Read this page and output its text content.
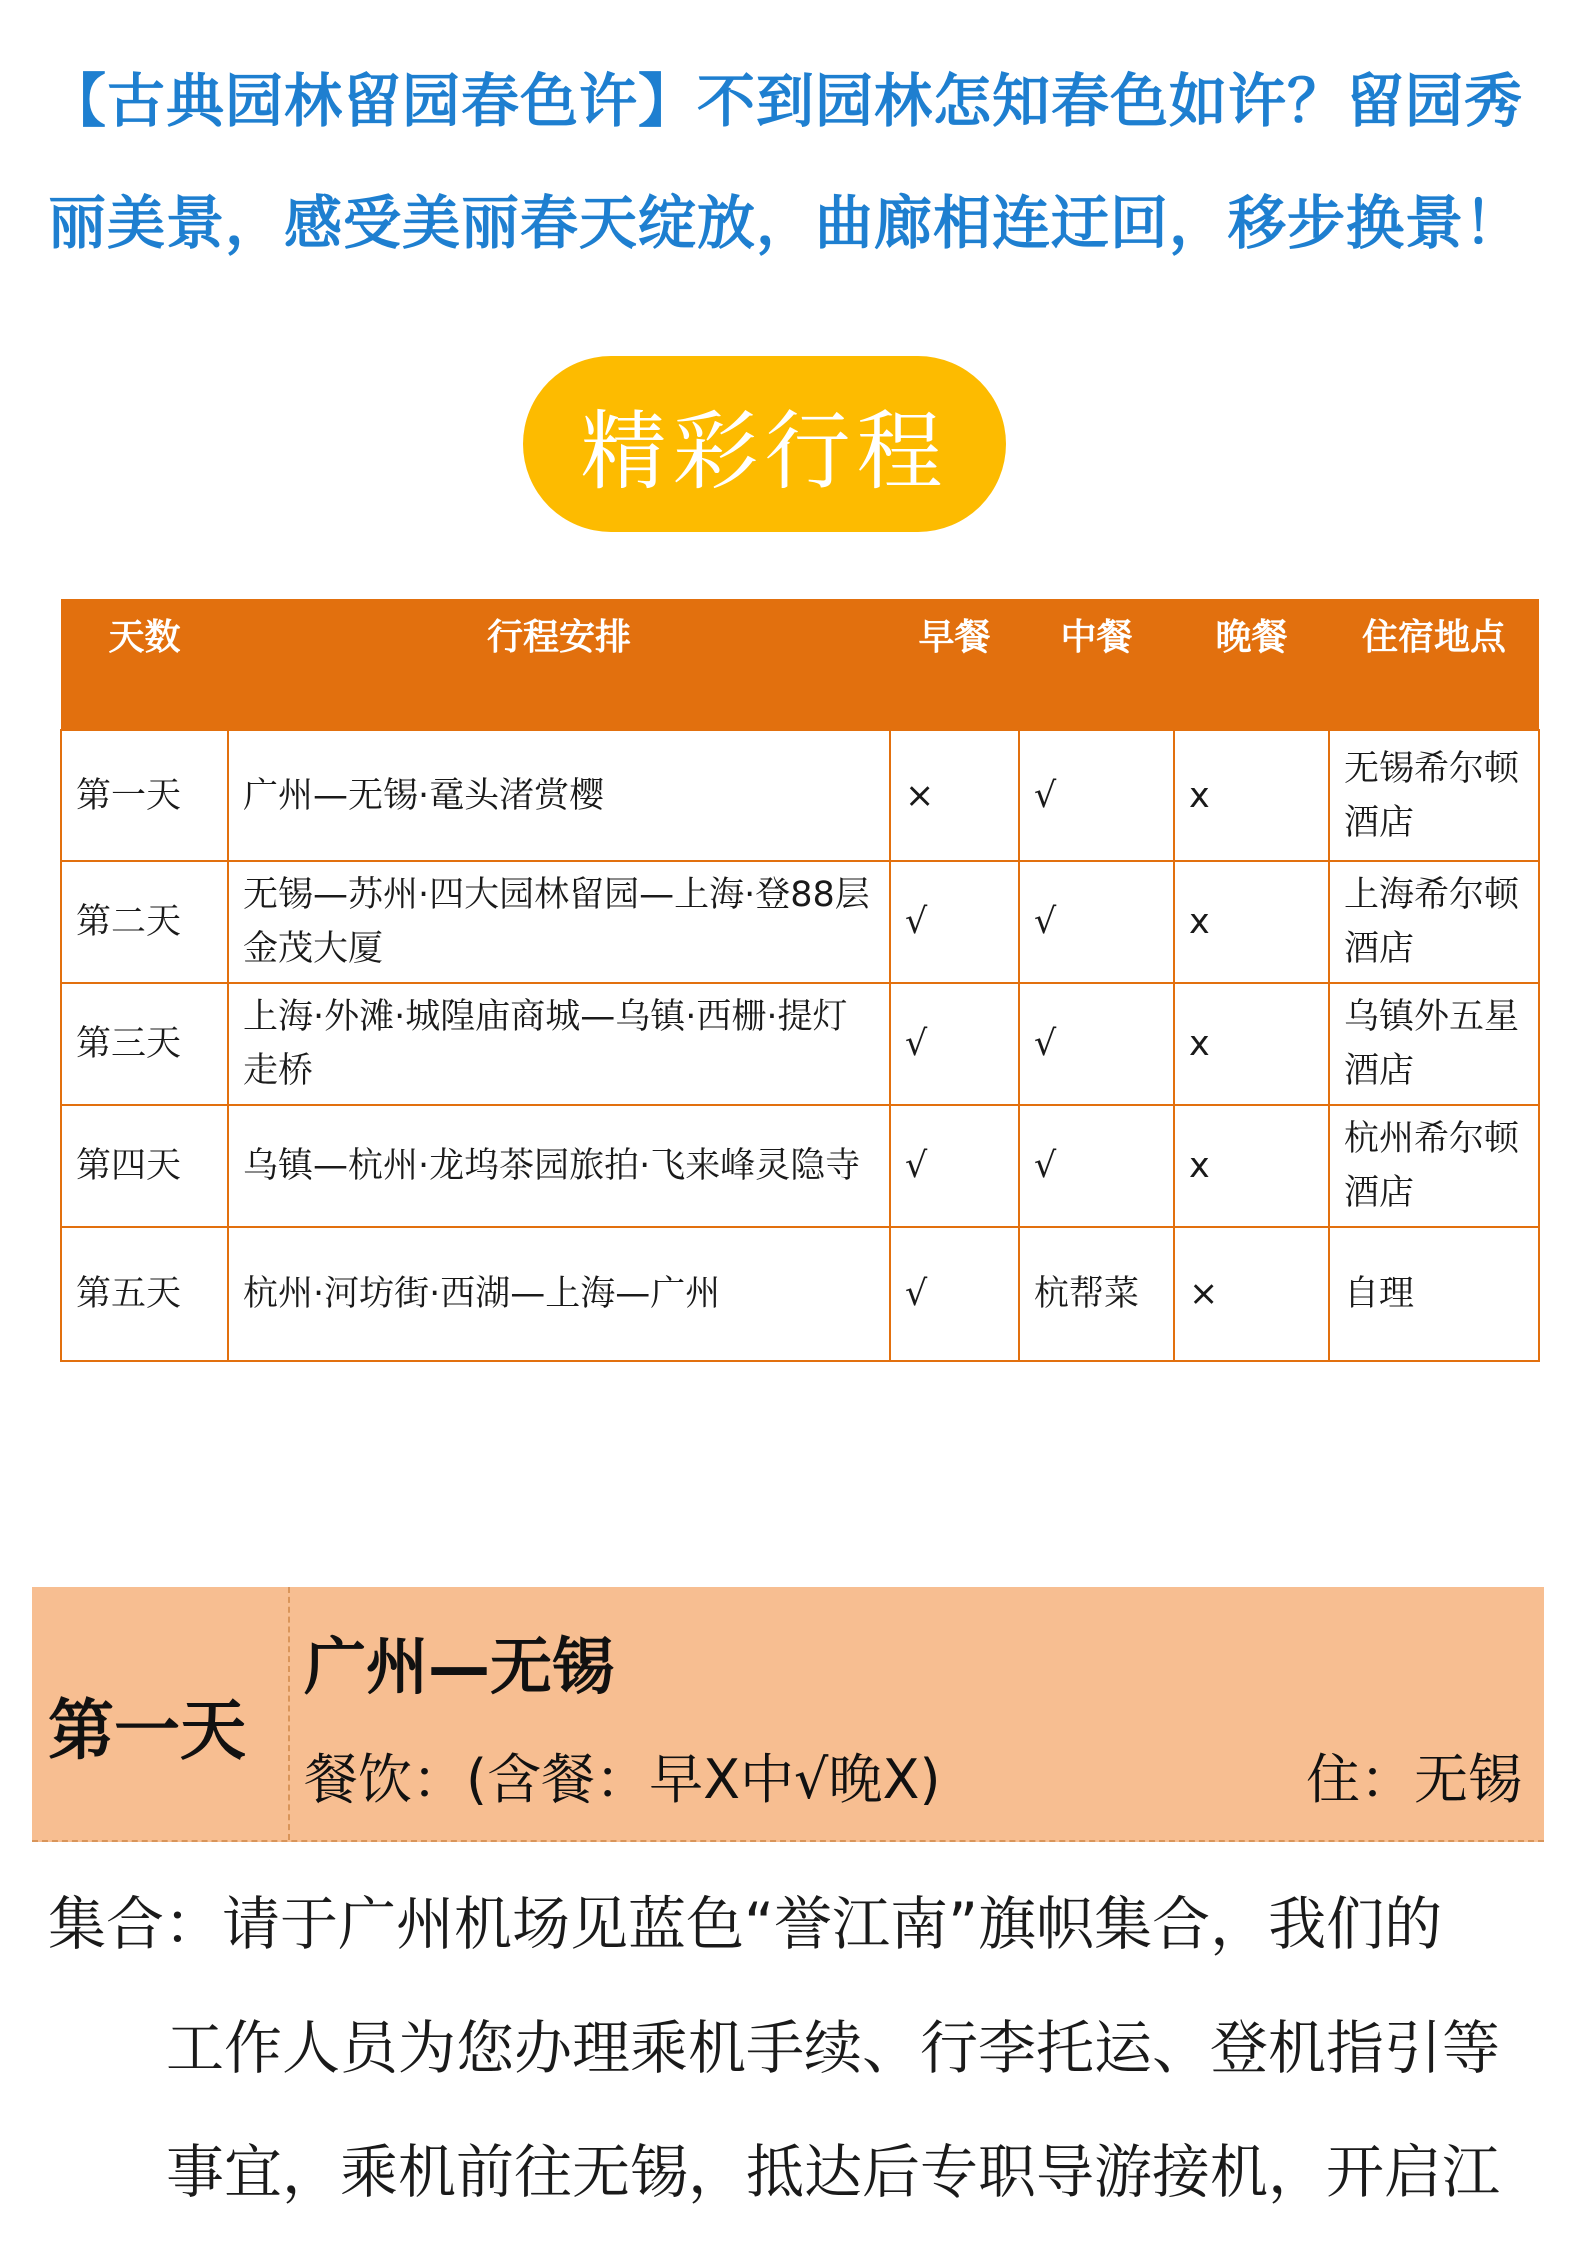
【古典园林留园春色许】不到园林怎知春色如许？留园秀
丽美景，感受美丽春天绽放，曲廊相连迂回，移步换景！
精彩行程
天数	行程安排	早餐	中餐	晚餐	住宿地点
第一天	广州—无锡·鼋头渚赏樱	×	√	x	无锡希尔顿酒店
第二天	无锡—苏州·四大园林留园—上海·登88层金茂大厦	√	√	x	上海希尔顿酒店
第三天	上海·外滩·城隍庙商城—乌镇·西栅·提灯走桥	√	√	x	乌镇外五星酒店
第四天	乌镇—杭州·龙坞茶园旅拍·飞来峰灵隐寺	√	√	x	杭州希尔顿酒店
第五天	杭州·河坊街·西湖—上海—广州	√	杭帮菜	×	自理
第一天
广州—无锡
餐饮：(含餐：早X中√晚X)	住：无锡

集合：请于广州机场见蓝色“誉江南”旗帜集合，我们的

工作人员为您办理乘机手续、行李托运、登机指引等

事宜，乘机前往无锡，抵达后专职导游接机，开启江
